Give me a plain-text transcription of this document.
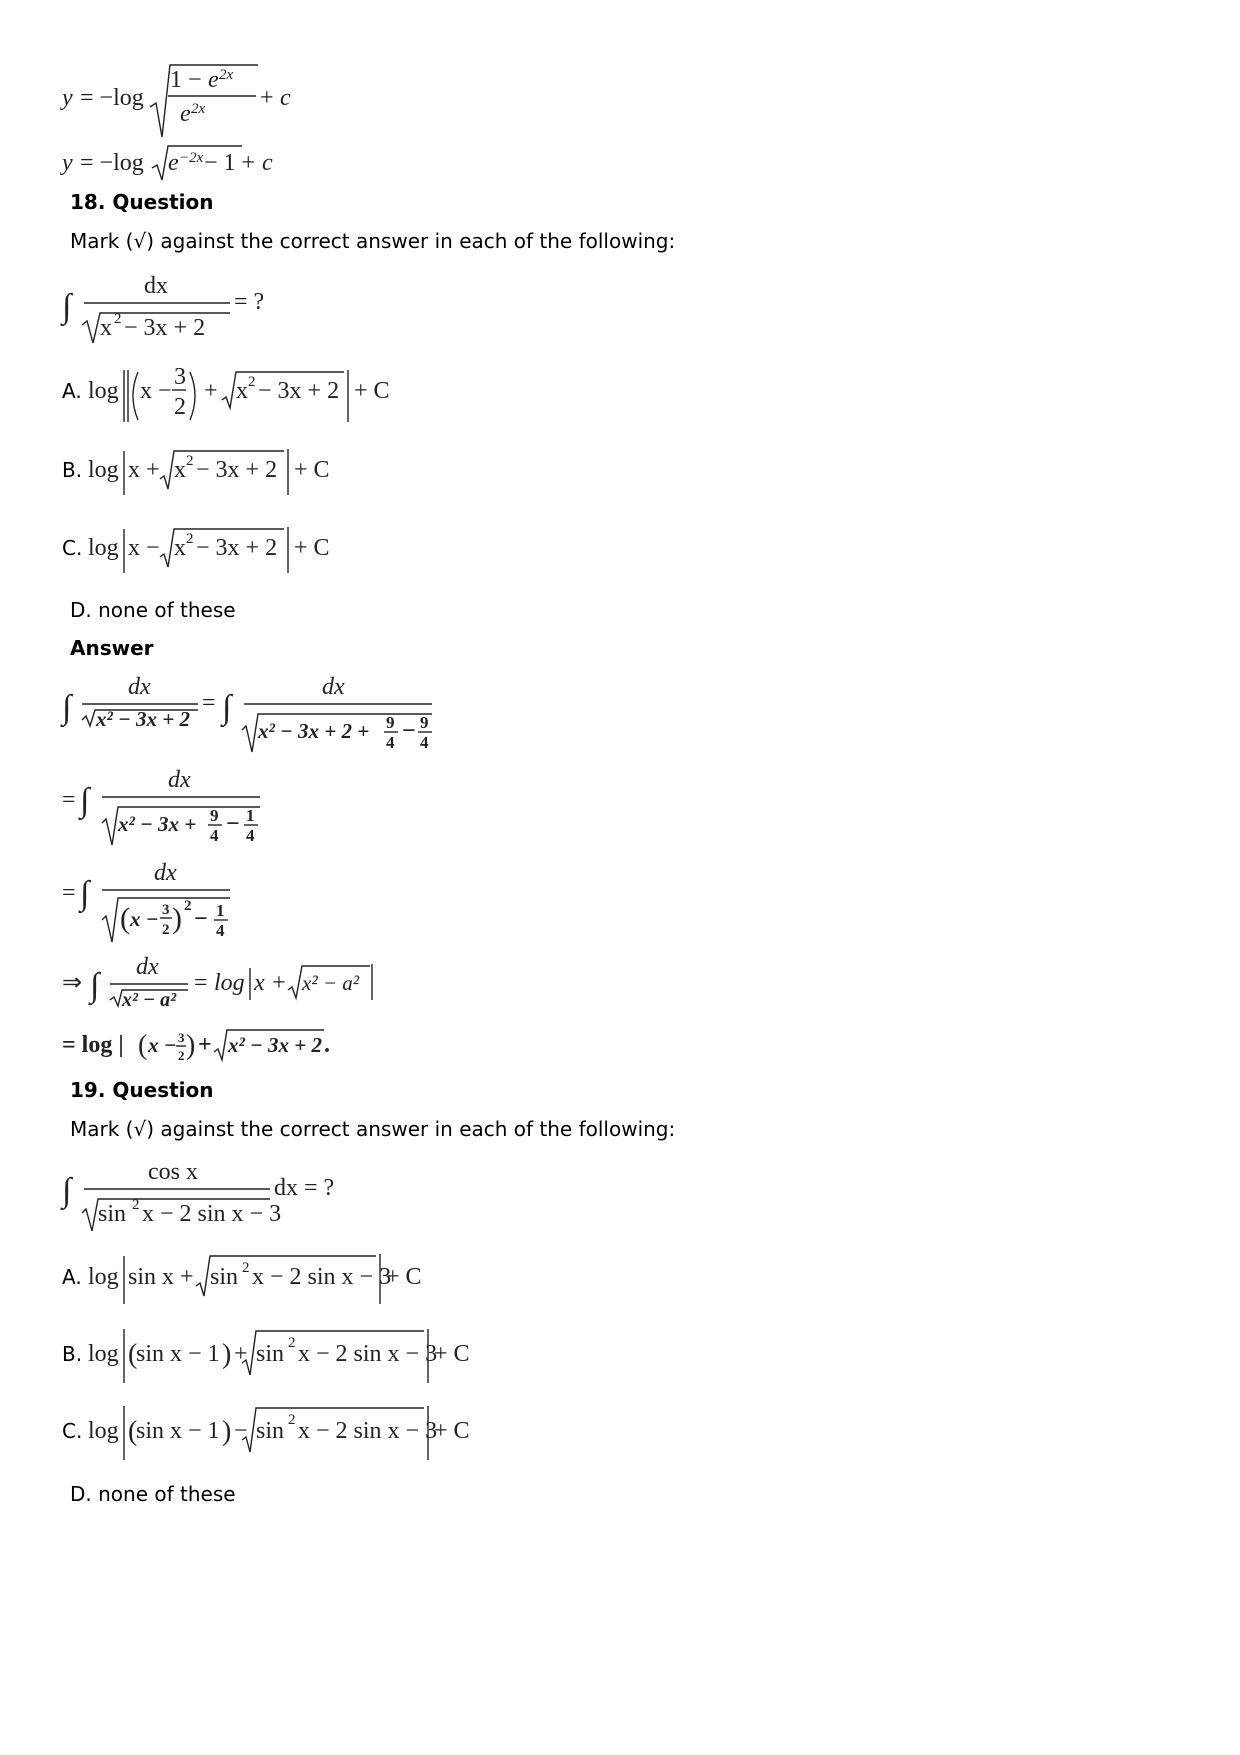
y = −log
1 − e 2x
e 2x + c
y = −log e −2x − 1 + c
18. Question
Mark (√) against the correct answer in each of the following:
∫
dx
x 2 − 3x + 2
= ?
A. log x −
3
2
+ x 2 − 3x + 2 + C
B. log x + x 2 − 3x + 2 + C
C. log x − x 2 − 3x + 2 + C
D. none of these
Answer
∫
dx
x² − 3x + 2
= ∫
dx
x² − 3x + 2 + 9
4 − 9
4
= ∫
dx
x² − 3x + 9
4 − 1
4
= ∫
dx
( x − 3
2 ) 2 − 1
4
⇒ ∫ dx
x² − a²
= log x + x² − a²
= log | ( x − 3
2 ) + x² − 3x + 2 .
19. Question
Mark (√) against the correct answer in each of the following:
∫	cos x
sin 2 x − 2 sin x − 3
dx = ?
A. log sin x + sin 2 x − 2 sin x − 3
+ C
B. log (
sin x − 1 ) + sin 2 x − 2 sin x − 3
+ C
C. log (
sin x − 1 ) − sin 2 x − 2 sin x − 3
+ C
D. none of these
